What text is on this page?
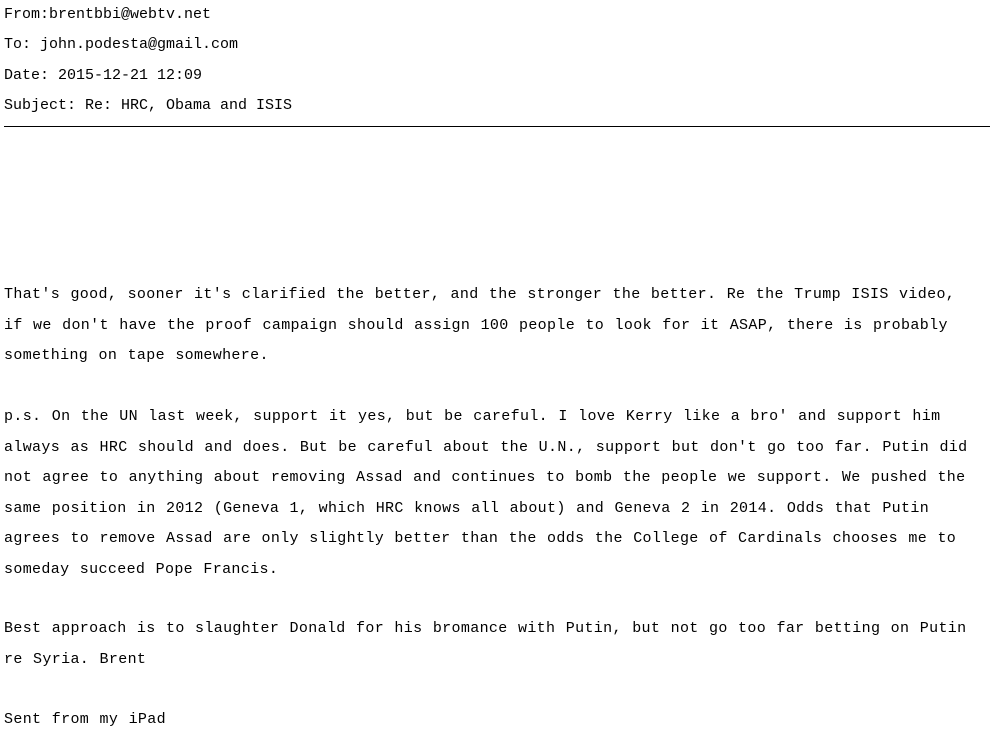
From:brentbbi@webtv.net
To: john.podesta@gmail.com
Date: 2015-12-21 12:09
Subject: Re: HRC, Obama and ISIS
That's good, sooner it's clarified the better, and the stronger the better. Re the Trump ISIS video, if we don't have the proof campaign should assign 100 people to look for it ASAP, there is probably something on tape somewhere.
p.s. On the UN last week, support it yes, but be careful. I love Kerry like a bro' and support him always as HRC should and does. But be careful about the U.N., support but don't go too far. Putin did not agree to anything about removing Assad and continues to bomb the people we support. We pushed the same position in 2012 (Geneva 1, which HRC knows all about) and Geneva 2 in 2014. Odds that Putin agrees to remove Assad are only slightly better than the odds the College of Cardinals chooses me to someday succeed Pope Francis.
Best approach is to slaughter Donald for his bromance with Putin, but not go too far betting on Putin re Syria. Brent
Sent from my iPad
